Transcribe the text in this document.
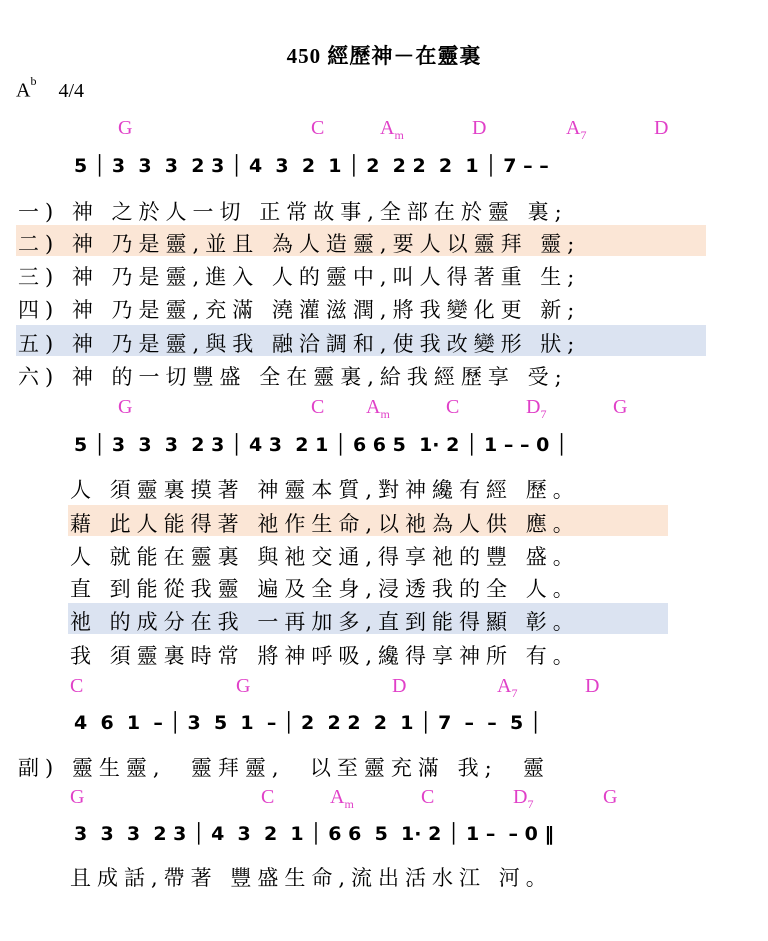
450 經歷神－在靈裏
$A^b$ 4/4
G	C	$A_m$	D	$A_7$	D
5 │ 3  3  3  2 3 │ 4  3  2  1 │ 2  2 2  2  1 │ 7 – –
一) 神 之於人一切 正常故事,全部在於靈 裏;
二) 神 乃是靈,並且 為人造靈,要人以靈拜 靈;
三) 神 乃是靈,進入 人的靈中,叫人得著重 生;
四) 神 乃是靈,充滿 澆灌滋潤,將我變化更 新;
五) 神 乃是靈,與我 融洽調和,使我改變形 狀;
六) 神 的一切豐盛 全在靈裏,給我經歷享 受;
G	C $A_m$	C	$D_7$	G
5 │ 3  3  3  2 3 │ 4 3  2 1 │ 6 6 5  1· 2 │ 1 – – 0 │
人 須靈裏摸著 神靈本質,對神纔有經 歷。
藉 此人能得著 祂作生命,以祂為人供 應。
人 就能在靈裏 與祂交通,得享祂的豐 盛。
直 到能從我靈 遍及全身,浸透我的全 人。
祂 的成分在我 一再加多,直到能得顯 彰。
我 須靈裏時常 將神呼吸,纔得享神所 有。
C	G	D	$A_7$	D
4  6  1  – │ 3  5  1  – │ 2  2 2  2  1 │ 7  –  –  5 │
副) 靈生靈,  靈拜靈,  以至靈充滿 我;  靈
G	C	$A_m$	C	$D_7$	G
3  3  3  2 3 │ 4  3  2  1 │ 6 6  5  1· 2 │ 1 –  – 0 ‖
且成話,帶著 豐盛生命,流出活水江 河。
